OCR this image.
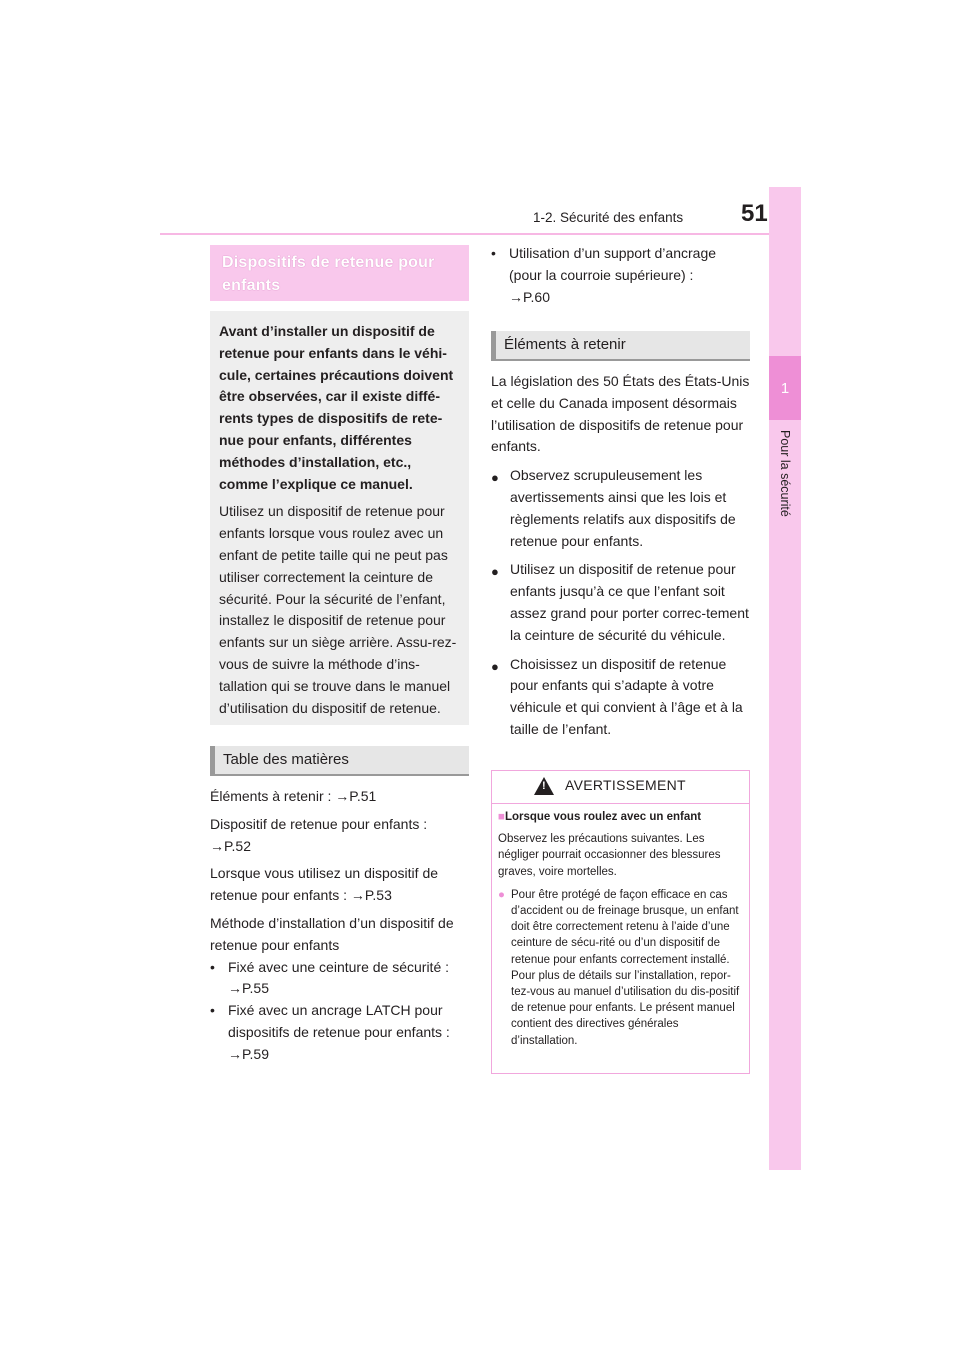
1-2. Sécurité des enfants 51
1
Pour la sécurité
Dispositifs de retenue pour
enfants
Avant d’installer un dispositif de retenue pour enfants dans le véhi-cule, certaines précautions doivent être observées, car il existe diffé-rents types de dispositifs de rete-nue pour enfants, différentes méthodes d’installation, etc., comme l’explique ce manuel.
Utilisez un dispositif de retenue pour enfants lorsque vous roulez avec un enfant de petite taille qui ne peut pas utiliser correctement la ceinture de sécurité. Pour la sécurité de l’enfant, installez le dispositif de retenue pour enfants sur un siège arrière. Assu-rez-vous de suivre la méthode d’ins-tallation qui se trouve dans le manuel d’utilisation du dispositif de retenue.
Table des matières
Éléments à retenir : →P.51
Dispositif de retenue pour enfants :
→P.52
Lorsque vous utilisez un dispositif de retenue pour enfants : →P.53
Méthode d’installation d’un dispositif de retenue pour enfants
• Fixé avec une ceinture de sécurité :
→P.55
• Fixé avec un ancrage LATCH pour dispositifs de retenue pour enfants :
→P.59
• Utilisation d’un support d’ancrage (pour la courroie supérieure) :
→P.60
Éléments à retenir
La législation des 50 États des États-Unis et celle du Canada imposent désormais l’utilisation de dispositifs de retenue pour enfants.
● Observez scrupuleusement les avertissements ainsi que les lois et règlements relatifs aux dispositifs de retenue pour enfants.
● Utilisez un dispositif de retenue pour enfants jusqu’à ce que l’enfant soit assez grand pour porter correc-tement la ceinture de sécurité du véhicule.
● Choisissez un dispositif de retenue pour enfants qui s’adapte à votre véhicule et qui convient à l’âge et à la taille de l’enfant.
! AVERTISSEMENT
■Lorsque vous roulez avec un enfant
Observez les précautions suivantes. Les négliger pourrait occasionner des blessures graves, voire mortelles.
● Pour être protégé de façon efficace en cas d’accident ou de freinage brusque, un enfant doit être correctement retenu à l’aide d’une ceinture de sécu-rité ou d’un dispositif de retenue pour enfants correctement installé. Pour plus de détails sur l’installation, repor-tez-vous au manuel d’utilisation du dis-positif de retenue pour enfants. Le présent manuel contient des directives générales d’installation.
